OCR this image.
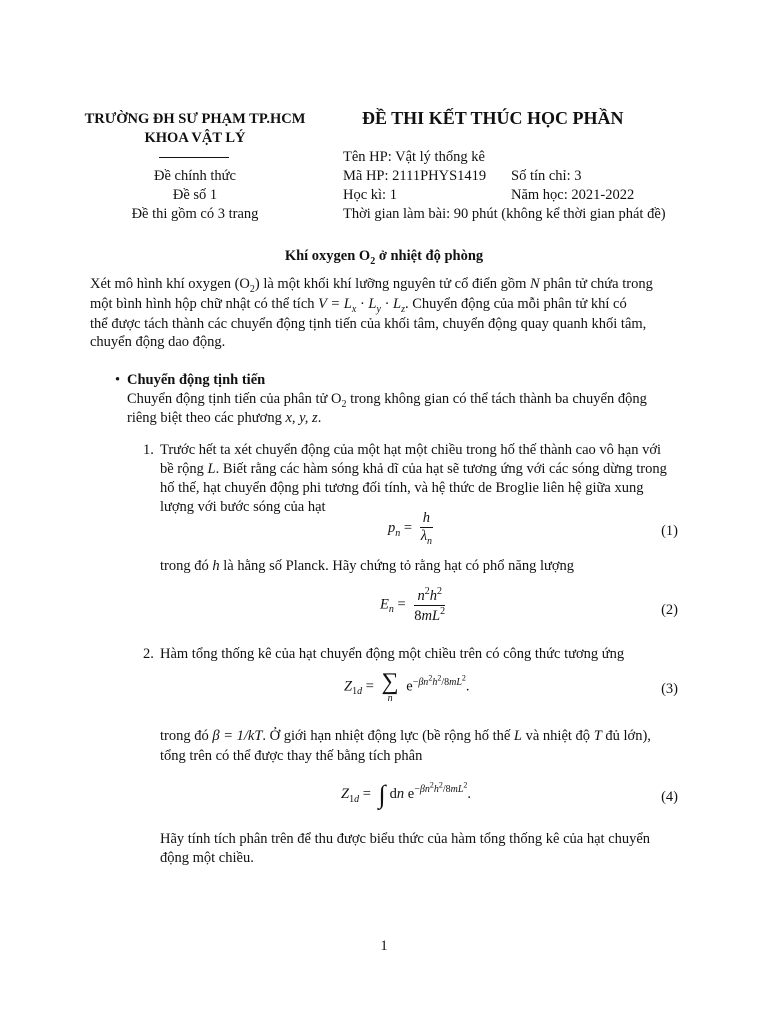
TRƯỜNG ĐH SƯ PHẠM TP.HCM
KHOA VẬT LÝ
Đề chính thức
Đề số 1
Đề thi gồm có 3 trang
ĐỀ THI KẾT THÚC HỌC PHẦN
Tên HP: Vật lý thống kê
Mã HP: 2111PHYS1419 Số tín chỉ: 3
Học kì: 1	Năm học: 2021-2022
Thời gian làm bài: 90 phút (không kể thời gian phát đề)
Khí oxygen $O_2$ ở nhiệt độ phòng
Xét mô hình khí oxygen $(O_2)$ là một khối khí lưỡng nguyên tử cổ điển gồm N phân tử chứa trong
một bình hình hộp chữ nhật có thể tích $V = L_x \cdot L_y \cdot L_z$. Chuyển động của mỗi phân tử khí có
thể được tách thành các chuyển động tịnh tiến của khối tâm, chuyển động quay quanh khối tâm,
chuyển động dao động.
• Chuyển động tịnh tiến
Chuyển động tịnh tiến của phân tử $O_2$ trong không gian có thể tách thành ba chuyển động
riêng biệt theo các phương x, y, z.
1. Trước hết ta xét chuyển động của một hạt một chiều trong hố thế thành cao vô hạn với
bề rộng L. Biết rằng các hàm sóng khả dĩ của hạt sẽ tương ứng với các sóng dừng trong
hố thế, hạt chuyển động phi tương đối tính, và hệ thức de Broglie liên hệ giữa xung
lượng với bước sóng của hạt
$p_n = \frac{h}{\lambda_n}$	(1)
trong đó h là hằng số Planck. Hãy chứng tỏ rằng hạt có phổ năng lượng
$E_n = \frac{n^2h^2}{8mL^2}$	(2)
2. Hàm tổng thống kê của hạt chuyển động một chiều trên có công thức tương ứng
$Z_{1d}$ = ∑
n
$e^{-\beta n^2h^2/8mL^2}$.	(3)
trong đó β = 1/kT. Ở giới hạn nhiệt động lực (bề rộng hố thế L và nhiệt độ T đủ lớn),
tổng trên có thể được thay thế bằng tích phân
$Z_{1d}$ = ∫ dn $e^{-\beta n^2h^2/8mL^2}$.	(4)
Hãy tính tích phân trên để thu được biểu thức của hàm tổng thống kê của hạt chuyển
động một chiều.
1
